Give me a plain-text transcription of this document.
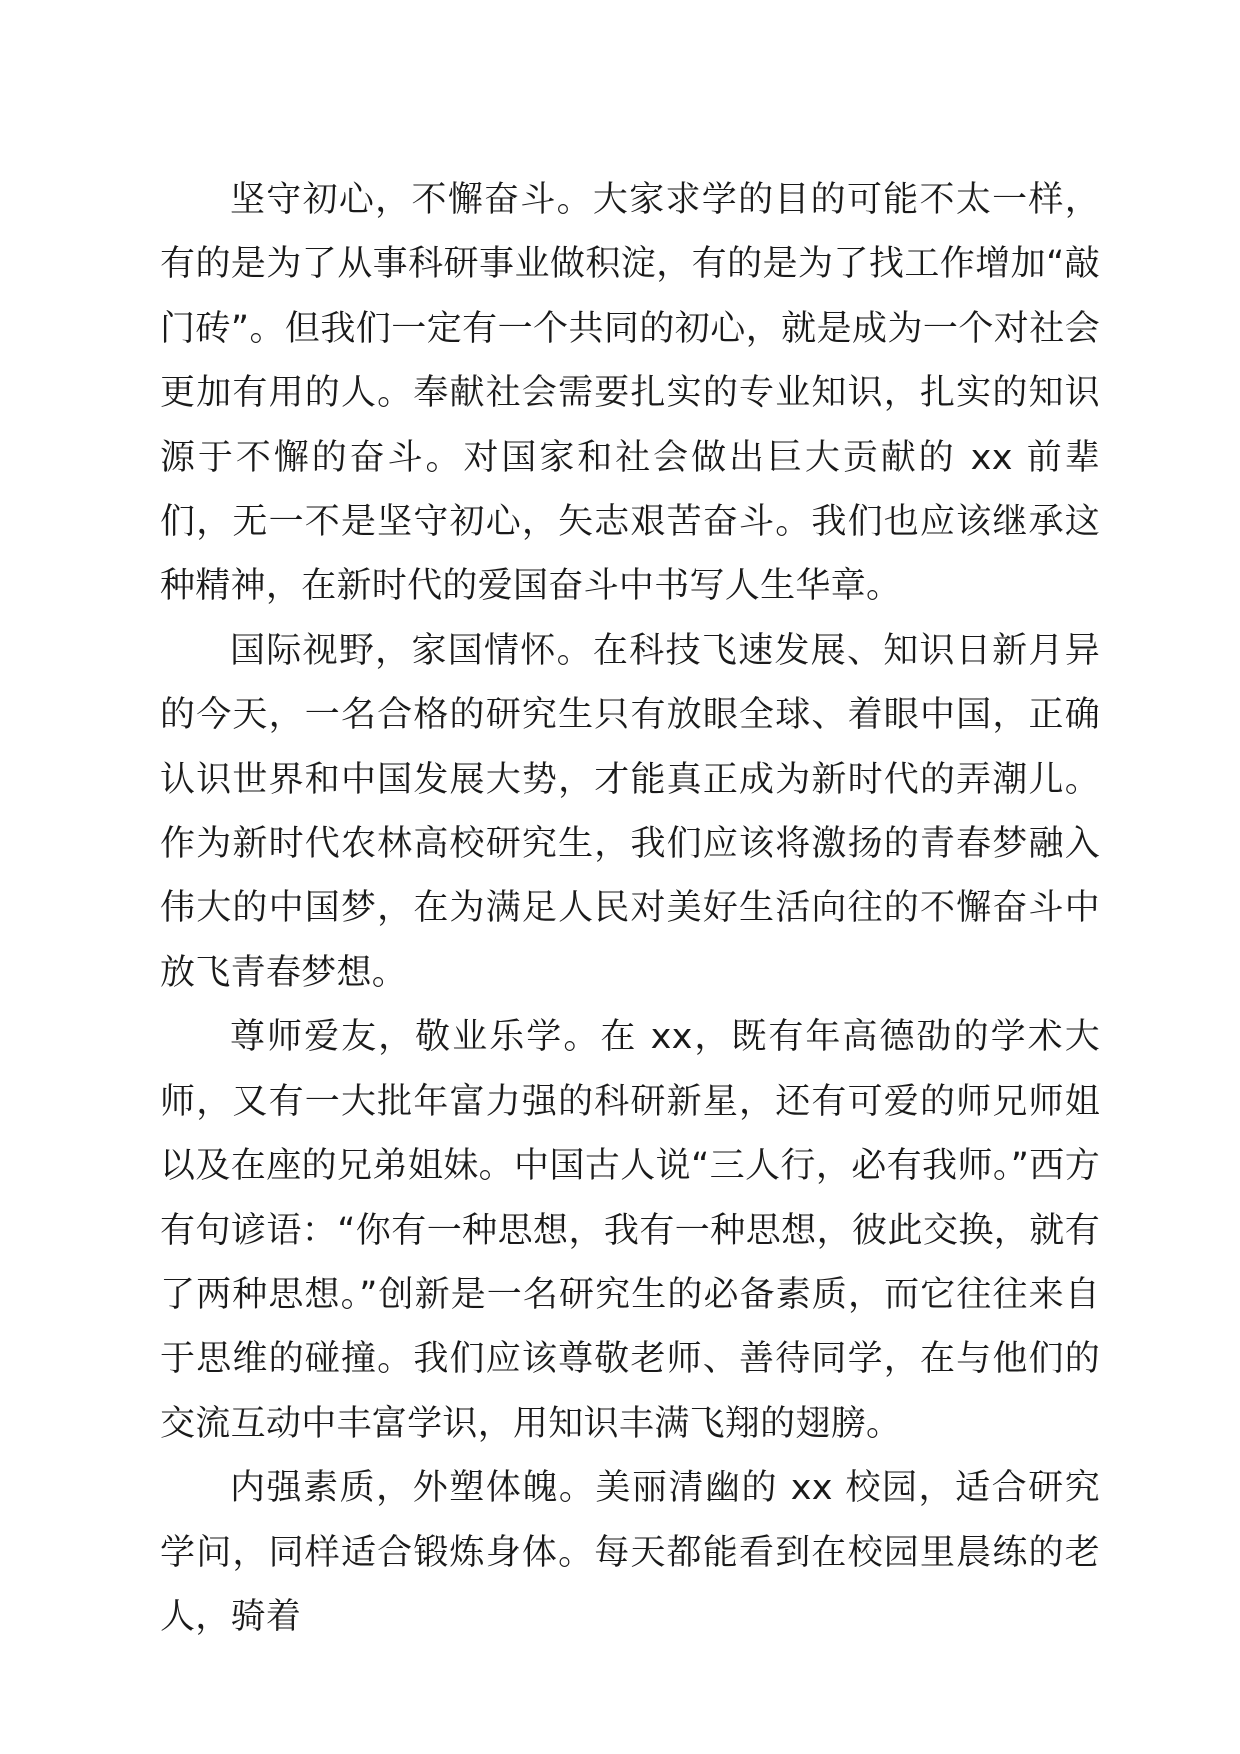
坚守初心，不懈奋斗。大家求学的目的可能不太一样，有的是为了从事科研事业做积淀，有的是为了找工作增加“敲门砖”。但我们一定有一个共同的初心，就是成为一个对社会更加有用的人。奉献社会需要扎实的专业知识，扎实的知识源于不懈的奋斗。对国家和社会做出巨大贡献的 xx 前辈们，无一不是坚守初心，矢志艰苦奋斗。我们也应该继承这种精神，在新时代的爱国奋斗中书写人生华章。

国际视野，家国情怀。在科技飞速发展、知识日新月异的今天，一名合格的研究生只有放眼全球、着眼中国，正确认识世界和中国发展大势，才能真正成为新时代的弄潮儿。作为新时代农林高校研究生，我们应该将激扬的青春梦融入伟大的中国梦，在为满足人民对美好生活向往的不懈奋斗中放飞青春梦想。

尊师爱友，敬业乐学。在 xx，既有年高德劭的学术大师，又有一大批年富力强的科研新星，还有可爱的师兄师姐以及在座的兄弟姐妹。中国古人说“三人行，必有我师。”西方有句谚语：“你有一种思想，我有一种思想，彼此交换，就有了两种思想。”创新是一名研究生的必备素质，而它往往来自于思维的碰撞。我们应该尊敬老师、善待同学，在与他们的交流互动中丰富学识，用知识丰满飞翔的翅膀。

内强素质，外塑体魄。美丽清幽的 xx 校园，适合研究学问，同样适合锻炼身体。每天都能看到在校园里晨练的老人，骑着
